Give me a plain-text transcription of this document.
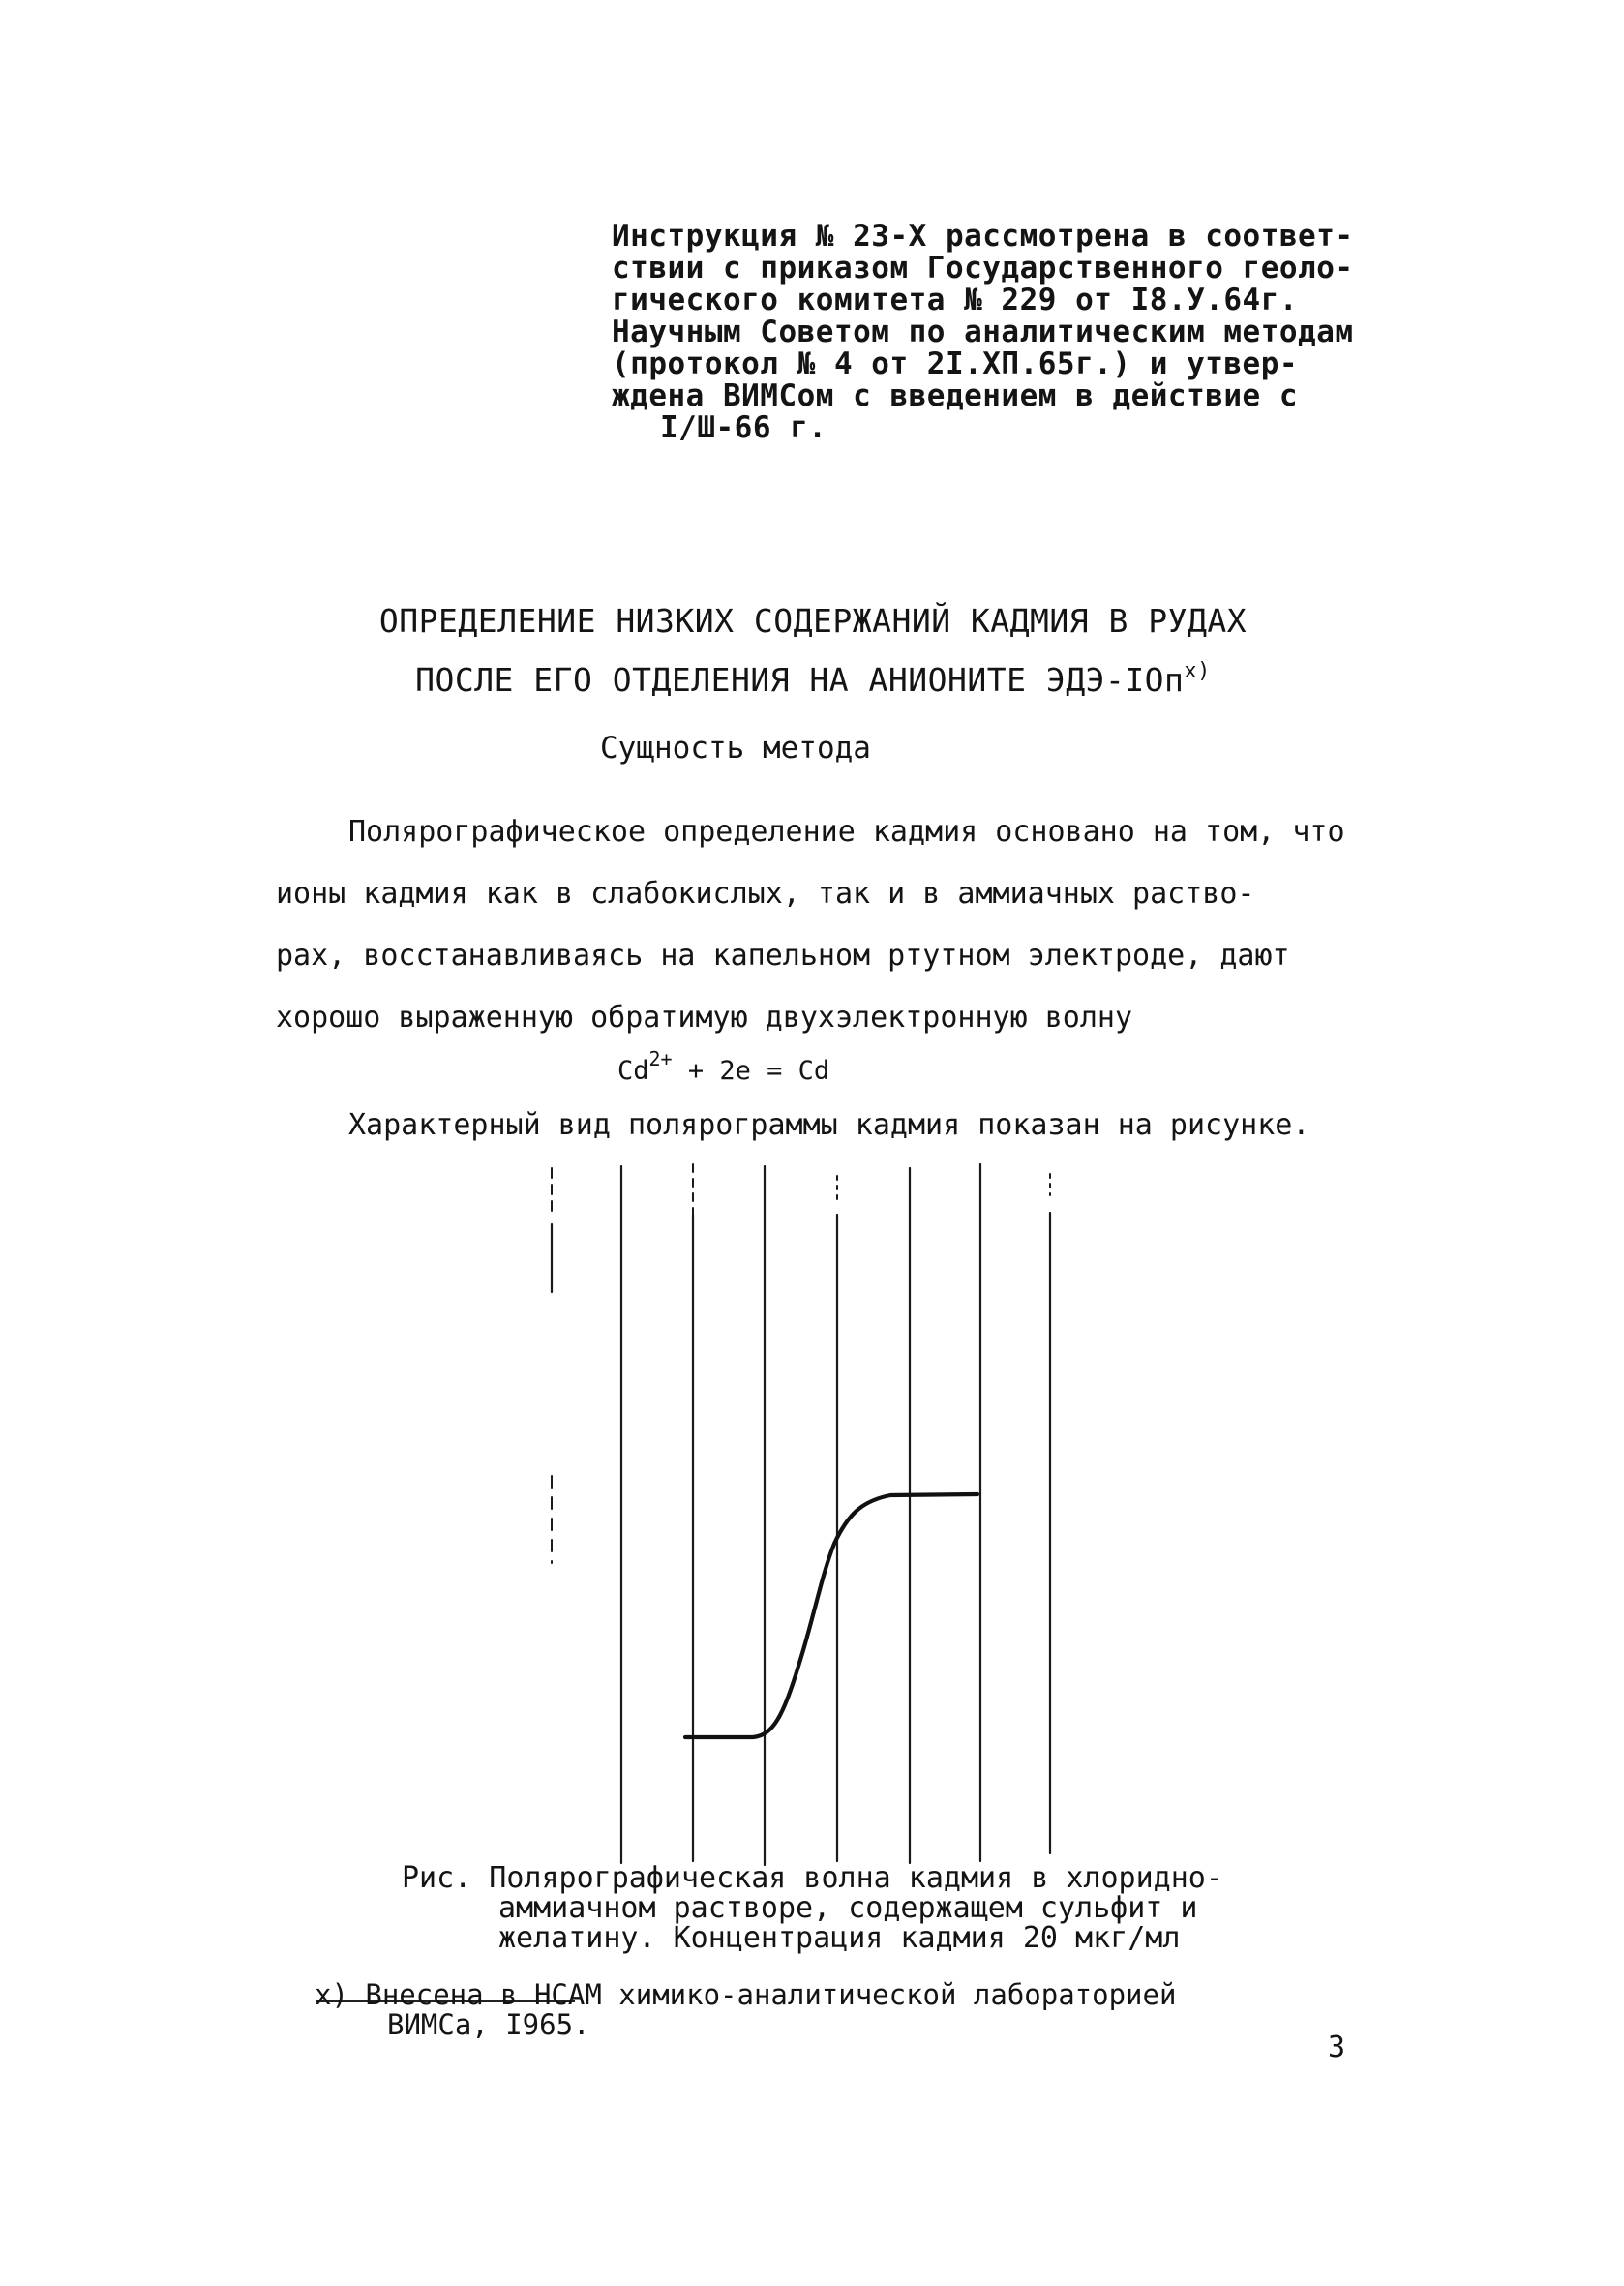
Инструкция № 23-Х рассмотрена в соответ-
ствии с приказом Государственного геоло-
гического комитета № 229 от I8.У.64г.
Научным Советом по аналитическим методам
(протокол № 4 от 2I.ХП.65г.) и утвер-
ждена ВИМСом с введением в действие с
I/Ш-66 г.
ОПРЕДЕЛЕНИЕ НИЗКИХ СОДЕРЖАНИЙ КАДМИЯ В РУДАХ
ПОСЛЕ ЕГО ОТДЕЛЕНИЯ НА АНИОНИТЕ ЭДЭ-IОп$^{x)}$
Сущность метода
Полярографическое определение кадмия основано на том, что
ионы кадмия как в слабокислых, так и в аммиачных раство-
рах, восстанавливаясь на капельном ртутном электроде, дают
хорошо выраженную обратимую двухэлектронную волну
$Cd^{2+} + 2e = Cd$
Характерный вид полярограммы кадмия показан на рисунке.
Рис. Полярографическая волна кадмия в хлоридно-
аммиачном растворе, содержащем сульфит и
желатину. Концентрация кадмия 20 мкг/мл
x) Внесена в НСАМ химико-аналитической лабораторией
ВИМСа, I965.
3
